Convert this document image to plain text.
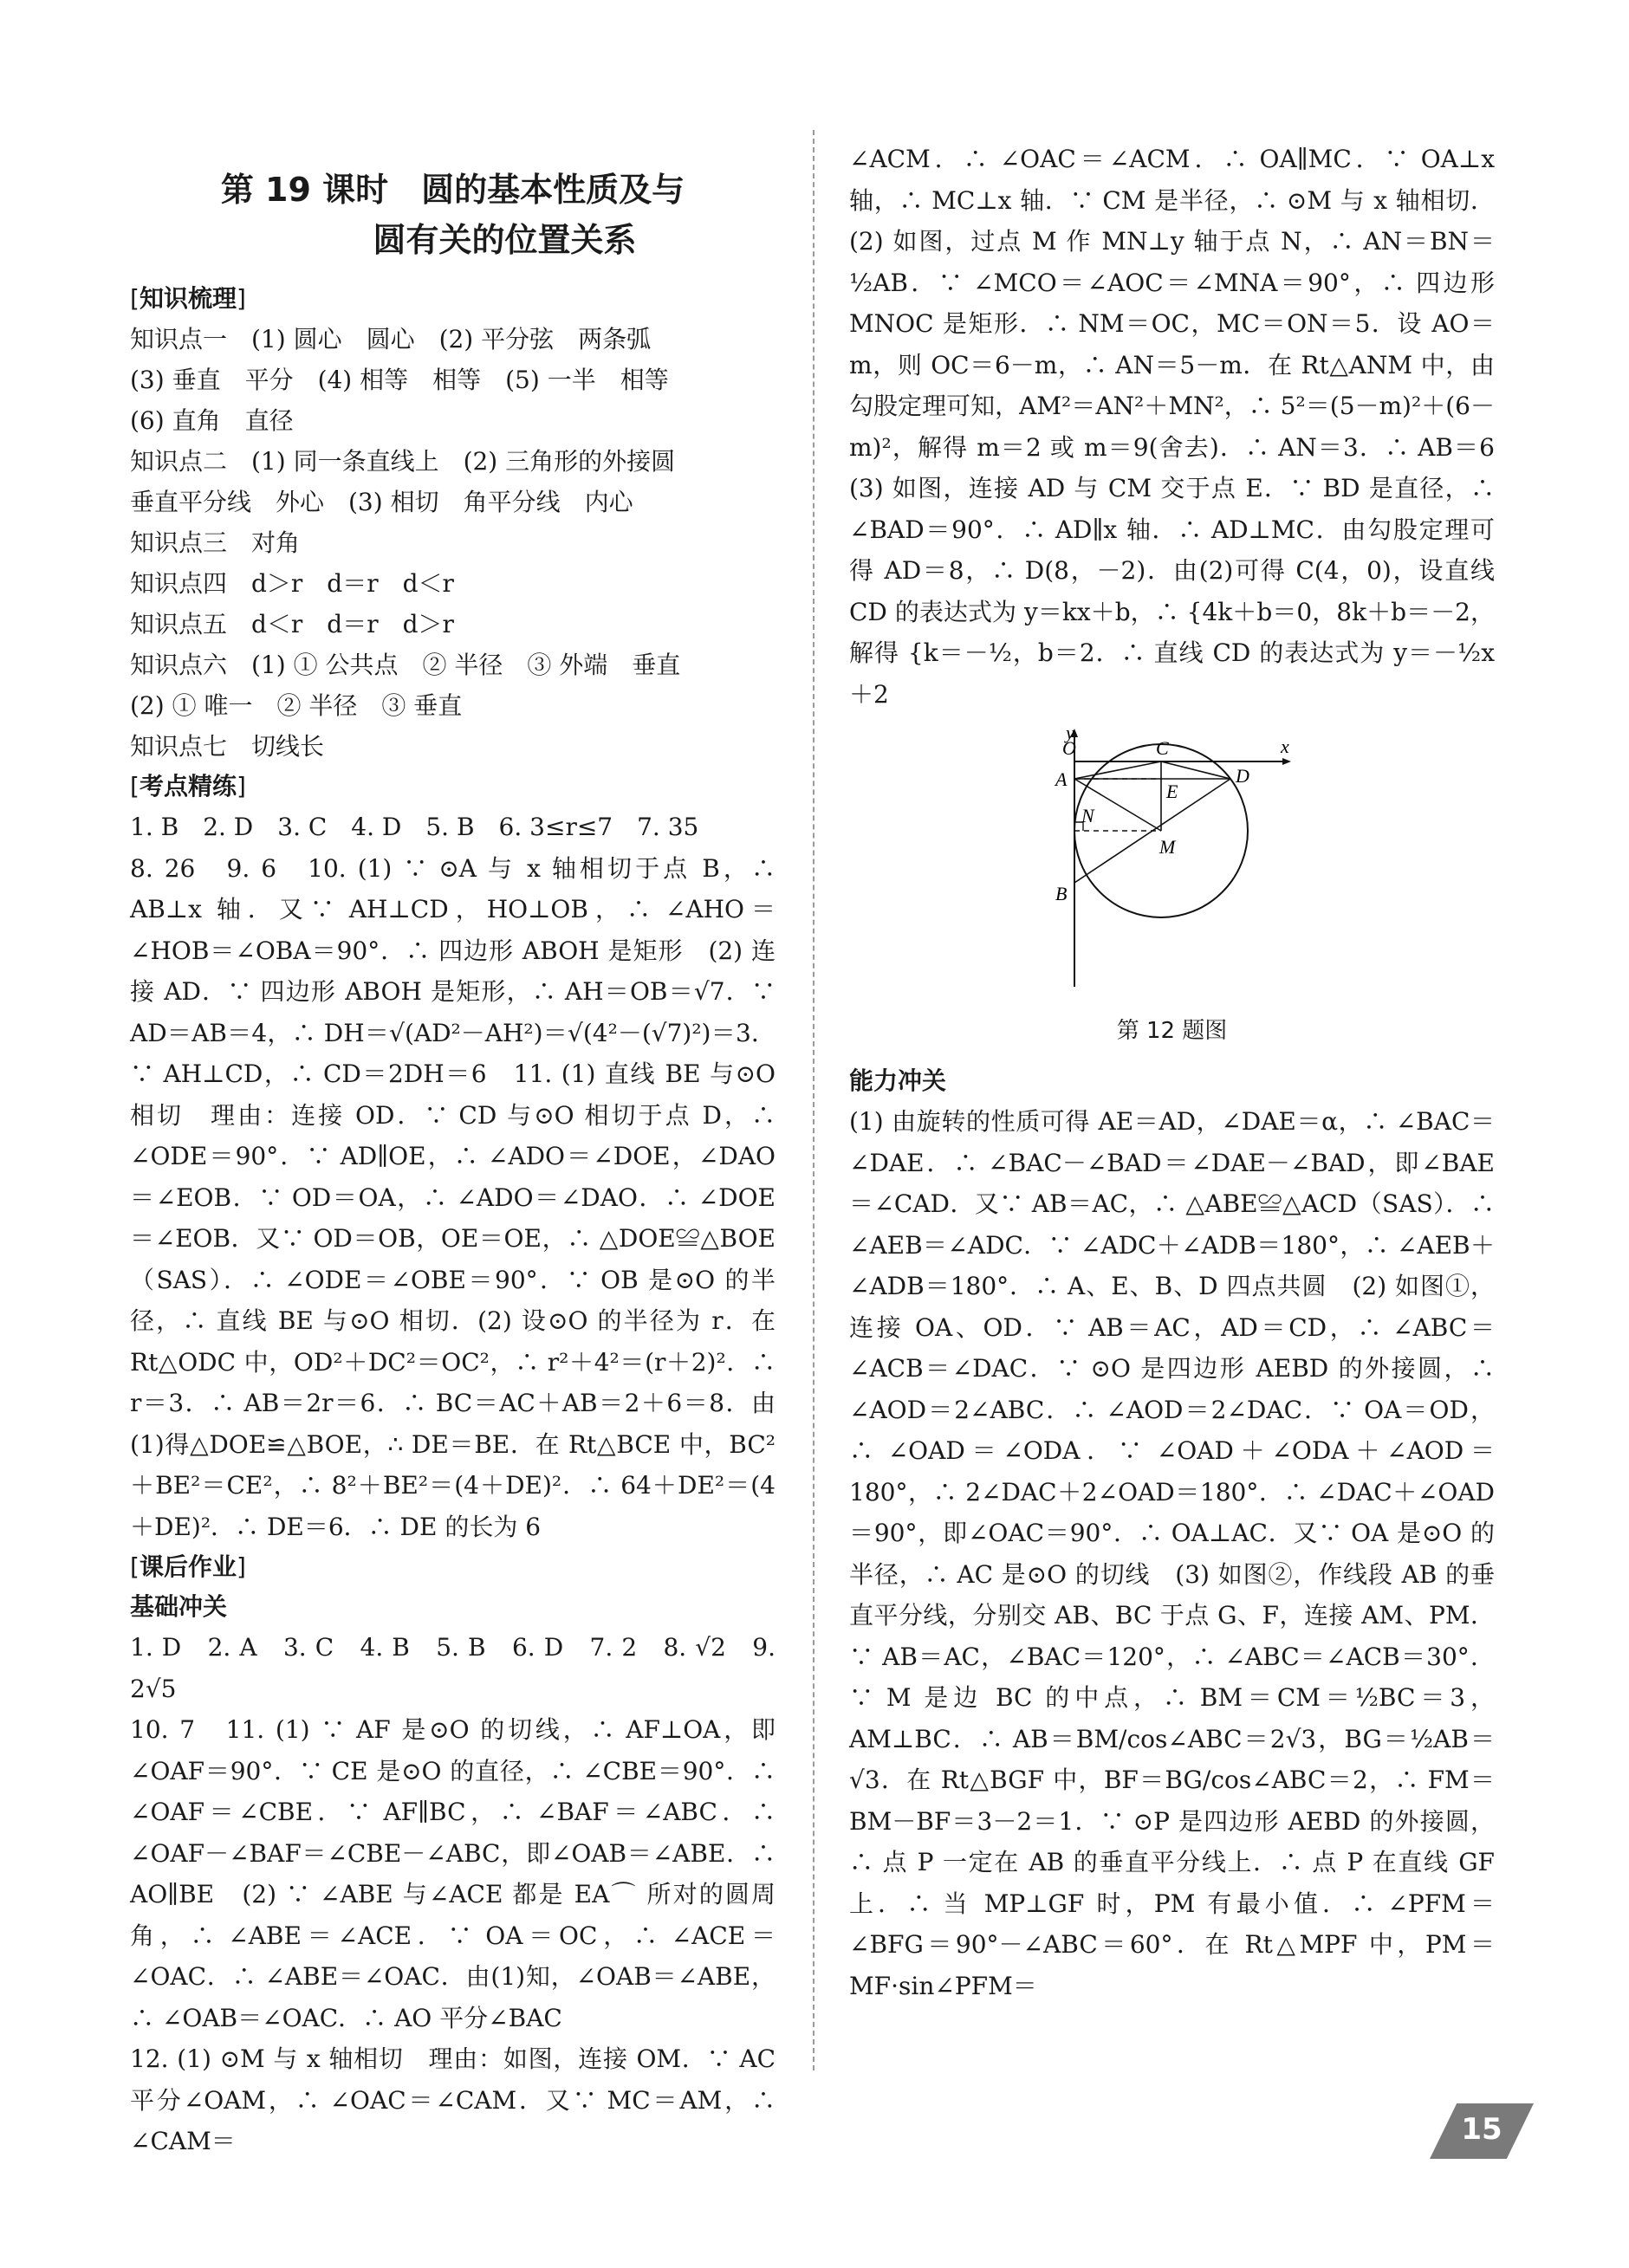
第 19 课时　圆的基本性质及与
圆有关的位置关系
[ 知识梳理 ]
知识点一　(1) 圆心　圆心　(2) 平分弦　两条弧
(3) 垂直　平分　(4) 相等　相等　(5) 一半　相等
(6) 直角　直径
知识点二　(1) 同一条直线上　(2) 三角形的外接圆
垂直平分线　外心　(3) 相切　角平分线　内心
知识点三　对角
知识点四　d＞r　d＝r　d＜r
知识点五　d＜r　d＝r　d＞r
知识点六　(1) ① 公共点　② 半径　③ 外端　垂直
(2) ① 唯一　② 半径　③ 垂直
知识点七　切线长
[ 考点精练 ]

1. B　2. D　3. C　4. D　5. B　6. 3≤r≤7　7. 35

8. 26　9. 6　10. (1) ∵ ⊙A 与 x 轴相切于点 B，∴ AB⊥x 轴．又∵ AH⊥CD，HO⊥OB，∴ ∠AHO＝∠HOB＝∠OBA＝90°．∴ 四边形 ABOH 是矩形　(2) 连接 AD．∵ 四边形 ABOH 是矩形，∴ AH＝OB＝√7．∵ AD＝AB＝4，∴ DH＝√(AD²－AH²)＝√(4²－(√7)²)＝3．∵ AH⊥CD，∴ CD＝2DH＝6　11. (1) 直线 BE 与⊙O 相切　理由：连接 OD．∵ CD 与⊙O 相切于点 D，∴ ∠ODE＝90°．∵ AD∥OE，∴ ∠ADO＝∠DOE，∠DAO＝∠EOB．∵ OD＝OA，∴ ∠ADO＝∠DAO．∴ ∠DOE＝∠EOB．又∵ OD＝OB，OE＝OE，∴ △DOE≌△BOE（SAS）．∴ ∠ODE＝∠OBE＝90°．∵ OB 是⊙O 的半径，∴ 直线 BE 与⊙O 相切．(2) 设⊙O 的半径为 r．在 Rt△ODC 中，OD²＋DC²＝OC²，∴ r²＋4²＝(r＋2)²．∴ r＝3．∴ AB＝2r＝6．∴ BC＝AC＋AB＝2＋6＝8．由(1)得△DOE≌△BOE，∴ DE＝BE．在 Rt△BCE 中，BC²＋BE²＝CE²，∴ 8²＋BE²＝(4＋DE)²．∴ 64＋DE²＝(4＋DE)²．∴ DE＝6．∴ DE 的长为 6

[ 课后作业 ]
基础冲关

1. D　2. A　3. C　4. B　5. B　6. D　7. 2　8. √2　9. 2√5

10. 7　11. (1) ∵ AF 是⊙O 的切线，∴ AF⊥OA，即∠OAF＝90°．∵ CE 是⊙O 的直径，∴ ∠CBE＝90°．∴ ∠OAF＝∠CBE．∵ AF∥BC，∴ ∠BAF＝∠ABC．∴ ∠OAF－∠BAF＝∠CBE－∠ABC，即∠OAB＝∠ABE．∴ AO∥BE　(2) ∵ ∠ABE 与∠ACE 都是 EA⌒ 所对的圆周角，∴ ∠ABE＝∠ACE．∵ OA＝OC，∴ ∠ACE＝∠OAC．∴ ∠ABE＝∠OAC．由(1)知，∠OAB＝∠ABE，∴ ∠OAB＝∠OAC．∴ AO 平分∠BAC

12. (1) ⊙M 与 x 轴相切　理由：如图，连接 OM．∵ AC 平分∠OAM，∴ ∠OAC＝∠CAM．又∵ MC＝AM，∴ ∠CAM＝

∠ACM．∴ ∠OAC＝∠ACM．∴ OA∥MC．∵ OA⊥x 轴，∴ MC⊥x 轴．∵ CM 是半径，∴ ⊙M 与 x 轴相切．(2) 如图，过点 M 作 MN⊥y 轴于点 N，∴ AN＝BN＝½AB．∵ ∠MCO＝∠AOC＝∠MNA＝90°，∴ 四边形 MNOC 是矩形．∴ NM＝OC，MC＝ON＝5．设 AO＝m，则 OC＝6－m，∴ AN＝5－m．在 Rt△ANM 中，由勾股定理可知，AM²＝AN²＋MN²，∴ 5²＝(5－m)²＋(6－m)²，解得 m＝2 或 m＝9(舍去)．∴ AN＝3．∴ AB＝6　(3) 如图，连接 AD 与 CM 交于点 E．∵ BD 是直径，∴ ∠BAD＝90°．∴ AD∥x 轴．∴ AD⊥MC．由勾股定理可得 AD＝8，∴ D(8，－2)．由(2)可得 C(4，0)，设直线 CD 的表达式为 y＝kx＋b，∴ {4k＋b＝0，8k＋b＝－2，解得 {k＝－½，b＝2．∴ 直线 CD 的表达式为 y＝－½x＋2

O
y
x
C
A
E
D
N
M
B
第 12 题图
能力冲关

(1) 由旋转的性质可得 AE＝AD，∠DAE＝α，∴ ∠BAC＝∠DAE．∴ ∠BAC－∠BAD＝∠DAE－∠BAD，即∠BAE＝∠CAD．又∵ AB＝AC，∴ △ABE≌△ACD（SAS）．∴ ∠AEB＝∠ADC．∵ ∠ADC＋∠ADB＝180°，∴ ∠AEB＋∠ADB＝180°．∴ A、E、B、D 四点共圆　(2) 如图①，连接 OA、OD．∵ AB＝AC，AD＝CD，∴ ∠ABC＝∠ACB＝∠DAC．∵ ⊙O 是四边形 AEBD 的外接圆，∴ ∠AOD＝2∠ABC．∴ ∠AOD＝2∠DAC．∵ OA＝OD，∴ ∠OAD＝∠ODA．∵ ∠OAD＋∠ODA＋∠AOD＝180°，∴ 2∠DAC＋2∠OAD＝180°．∴ ∠DAC＋∠OAD＝90°，即∠OAC＝90°．∴ OA⊥AC．又∵ OA 是⊙O 的半径，∴ AC 是⊙O 的切线　(3) 如图②，作线段 AB 的垂直平分线，分别交 AB、BC 于点 G、F，连接 AM、PM．∵ AB＝AC，∠BAC＝120°，∴ ∠ABC＝∠ACB＝30°．∵ M 是边 BC 的中点，∴ BM＝CM＝½BC＝3，AM⊥BC．∴ AB＝BM/cos∠ABC＝2√3，BG＝½AB＝√3．在 Rt△BGF 中，BF＝BG/cos∠ABC＝2，∴ FM＝BM－BF＝3－2＝1．∵ ⊙P 是四边形 AEBD 的外接圆，∴ 点 P 一定在 AB 的垂直平分线上．∴ 点 P 在直线 GF 上．∴ 当 MP⊥GF 时，PM 有最小值．∴ ∠PFM＝∠BFG＝90°－∠ABC＝60°．在 Rt△MPF 中，PM＝MF·sin∠PFM＝

​
15
